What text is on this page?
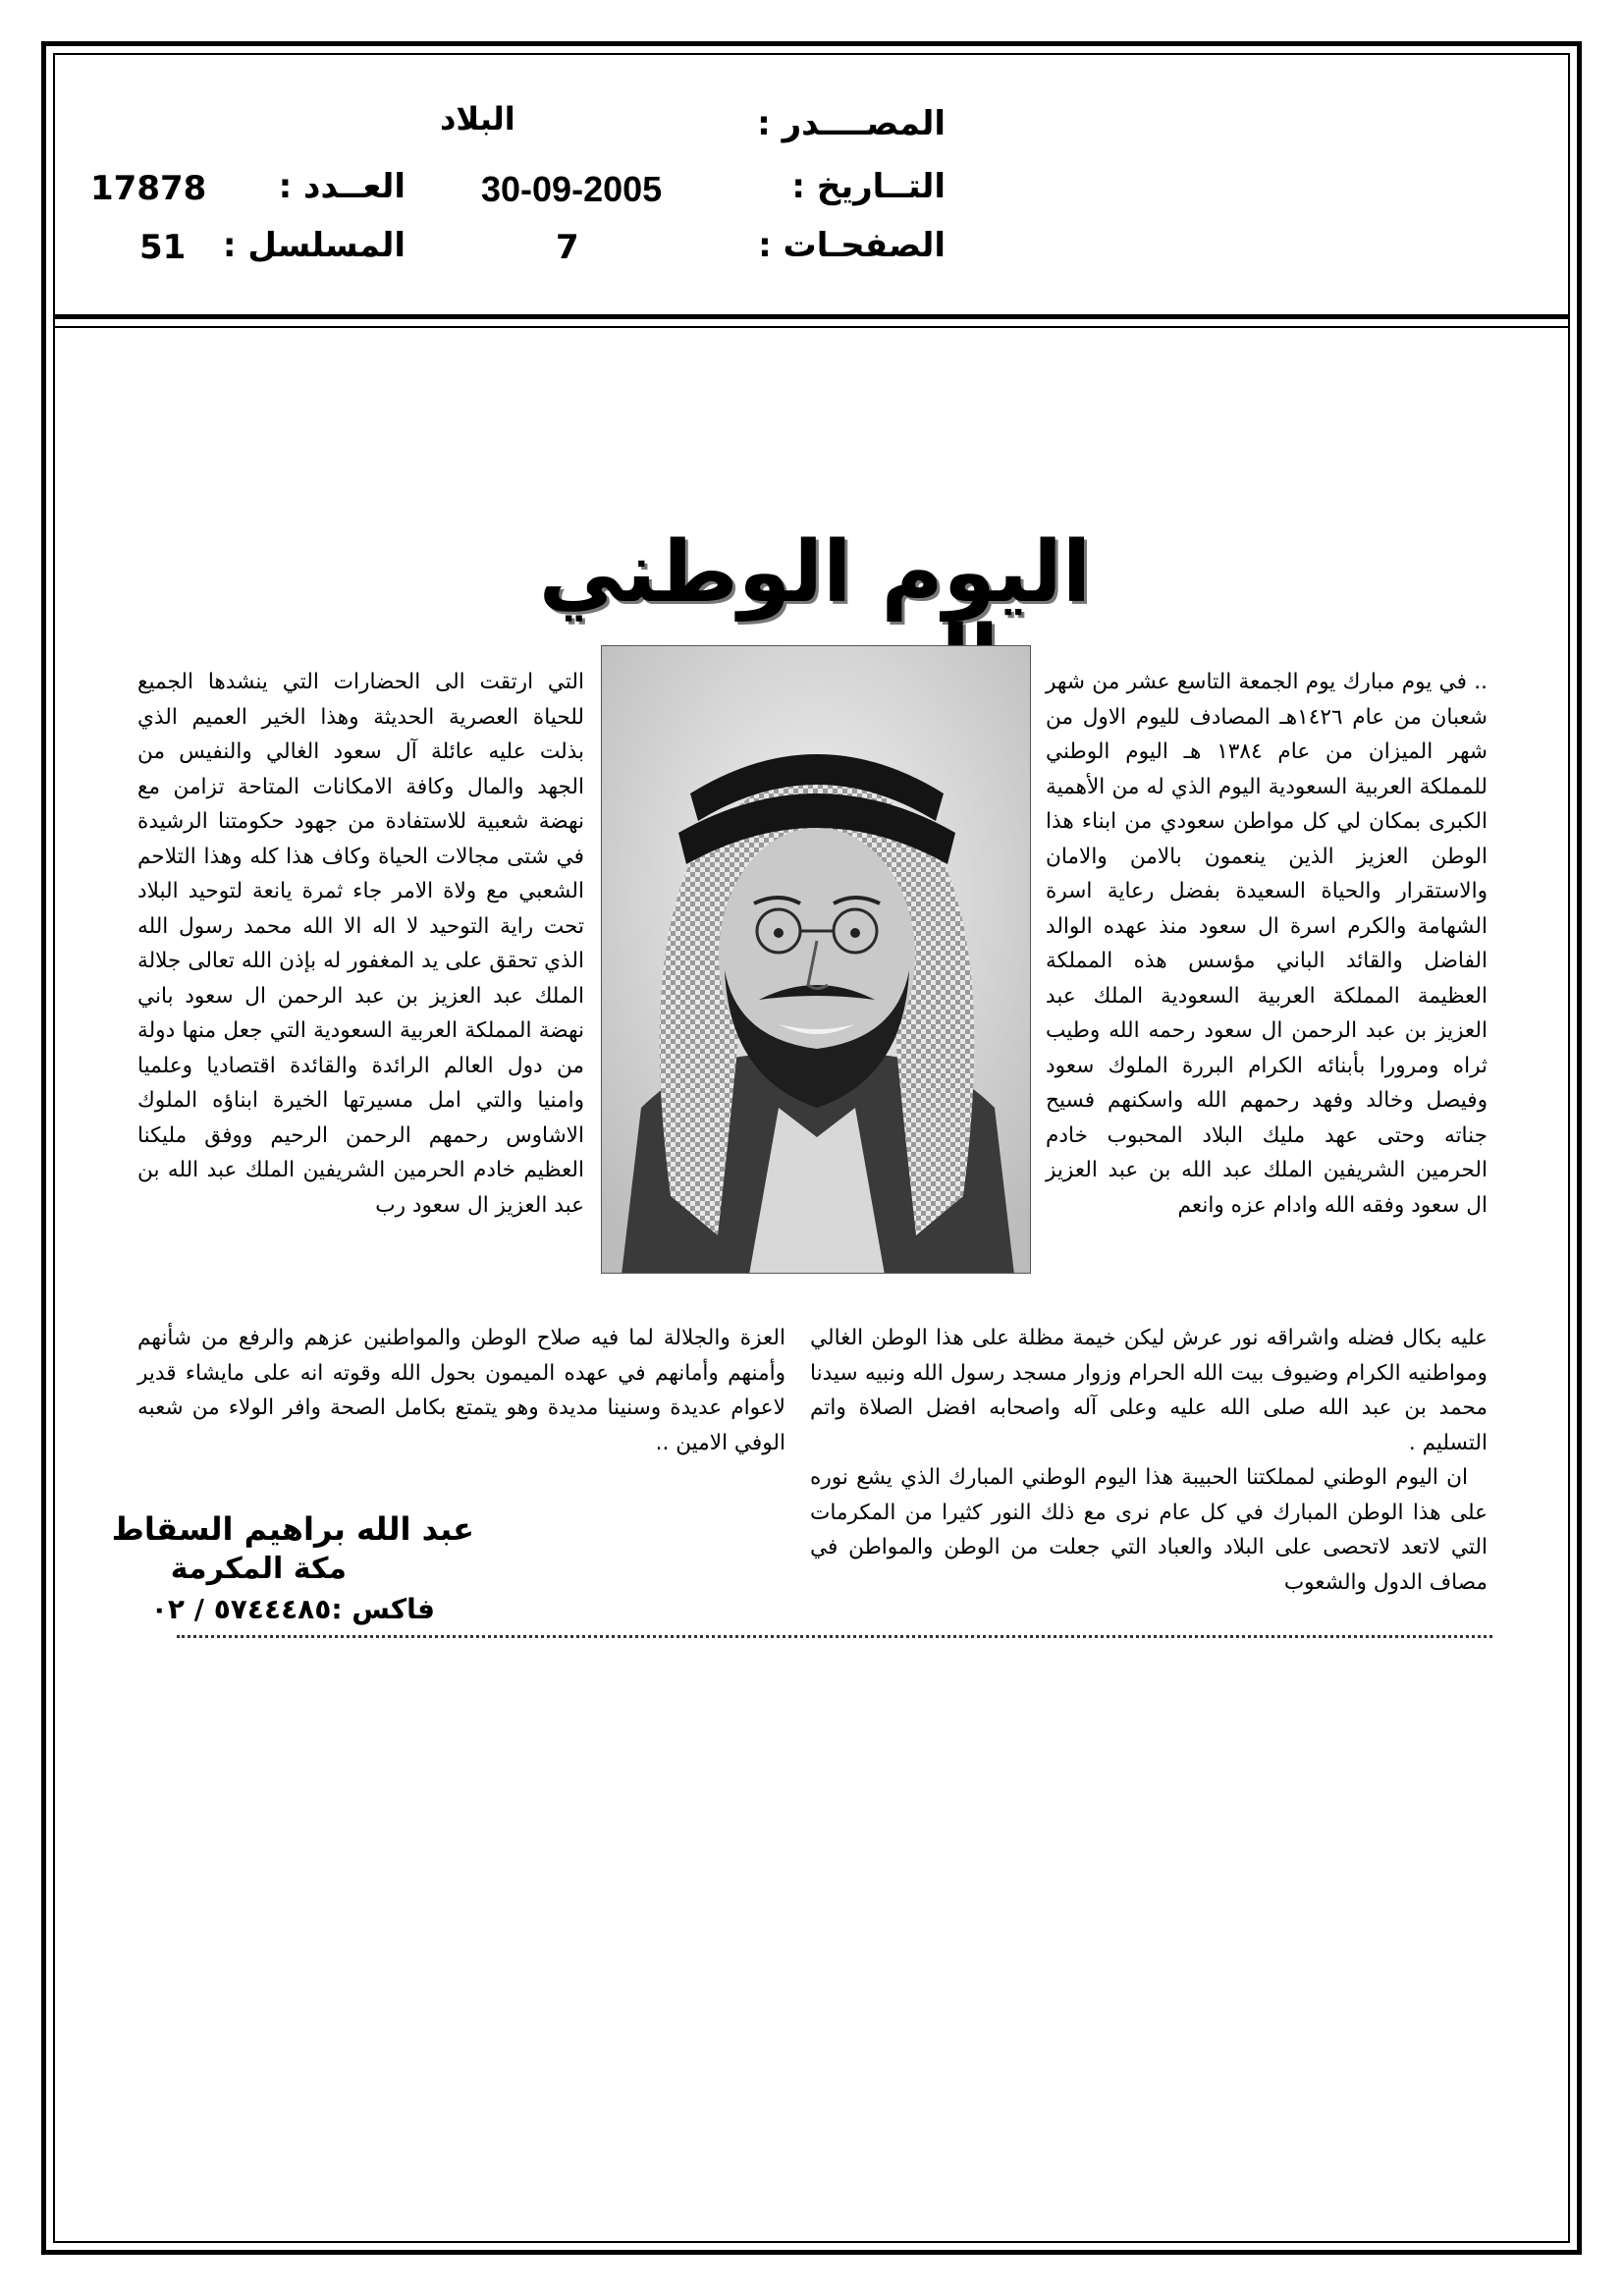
المصــــدر :
البلاد
التــاريخ :
30-09-2005
العــدد :
17878
الصفحـات :
7
المسلسل :
51
اليوم الوطني

.. في يوم مبارك يوم الجمعة التاسع عشر من شهر شعبان من عام ١٤٢٦هـ المصادف لليوم الاول من شهر الميزان من عام ١٣٨٤ هـ اليوم الوطني للمملكة العربية السعودية اليوم الذي له من الأهمية الكبرى بمكان لي كل مواطن سعودي من ابناء هذا الوطن العزيز الذين ينعمون بالامن والامان والاستقرار والحياة السعيدة بفضل رعاية اسرة الشهامة والكرم اسرة ال سعود منذ عهده الوالد الفاضل والقائد الباني مؤسس هذه المملكة العظيمة المملكة العربية السعودية الملك عبد العزيز بن عبد الرحمن ال سعود رحمه الله وطيب ثراه ومرورا بأبنائه الكرام البررة الملوك سعود وفيصل وخالد وفهد رحمهم الله واسكنهم فسيح جناته وحتى عهد مليك البلاد المحبوب خادم الحرمين الشريفين الملك عبد الله بن عبد العزيز ال سعود وفقه الله وادام عزه وانعم

التي ارتقت الى الحضارات التي ينشدها الجميع للحياة العصرية الحديثة وهذا الخير العميم الذي بذلت عليه عائلة آل سعود الغالي والنفيس من الجهد والمال وكافة الامكانات المتاحة تزامن مع نهضة شعبية للاستفادة من جهود حكومتنا الرشيدة في شتى مجالات الحياة وكاف هذا كله وهذا التلاحم الشعبي مع ولاة الامر جاء ثمرة يانعة لتوحيد البلاد تحت راية التوحيد لا اله الا الله محمد رسول الله الذي تحقق على يد المغفور له بإذن الله تعالى جلالة الملك عبد العزيز بن عبد الرحمن ال سعود باني نهضة المملكة العربية السعودية التي جعل منها دولة من دول العالم الرائدة والقائدة اقتصاديا وعلميا وامنيا والتي امل مسيرتها الخيرة ابناؤه الملوك الاشاوس رحمهم الرحمن الرحيم ووفق مليكنا العظيم خادم الحرمين الشريفين الملك عبد الله بن عبد العزيز ال سعود رب

عليه بكال فضله واشراقه نور عرش ليكن خيمة مظلة على هذا الوطن الغالي ومواطنيه الكرام وضيوف بيت الله الحرام وزوار مسجد رسول الله ونبيه سيدنا محمد بن عبد الله صلى الله عليه وعلى آله واصحابه افضل الصلاة واتم التسليم .

ان اليوم الوطني لمملكتنا الحبيبة هذا اليوم الوطني المبارك الذي يشع نوره على هذا الوطن المبارك في كل عام نرى مع ذلك النور كثيرا من المكرمات التي لاتعد لاتحصى على البلاد والعباد التي جعلت من الوطن والمواطن في مصاف الدول والشعوب

العزة والجلالة لما فيه صلاح الوطن والمواطنين عزهم والرفع من شأنهم وأمنهم وأمانهم في عهده الميمون بحول الله وقوته انه على مايشاء قدير لاعوام عديدة وسنينا مديدة وهو يتمتع بكامل الصحة وافر الولاء من شعبه الوفي الامين ..

عبد الله براهيم السقاط
مكة المكرمة
فاكس :٥٧٤٤٤٨٥ / ٠٢
